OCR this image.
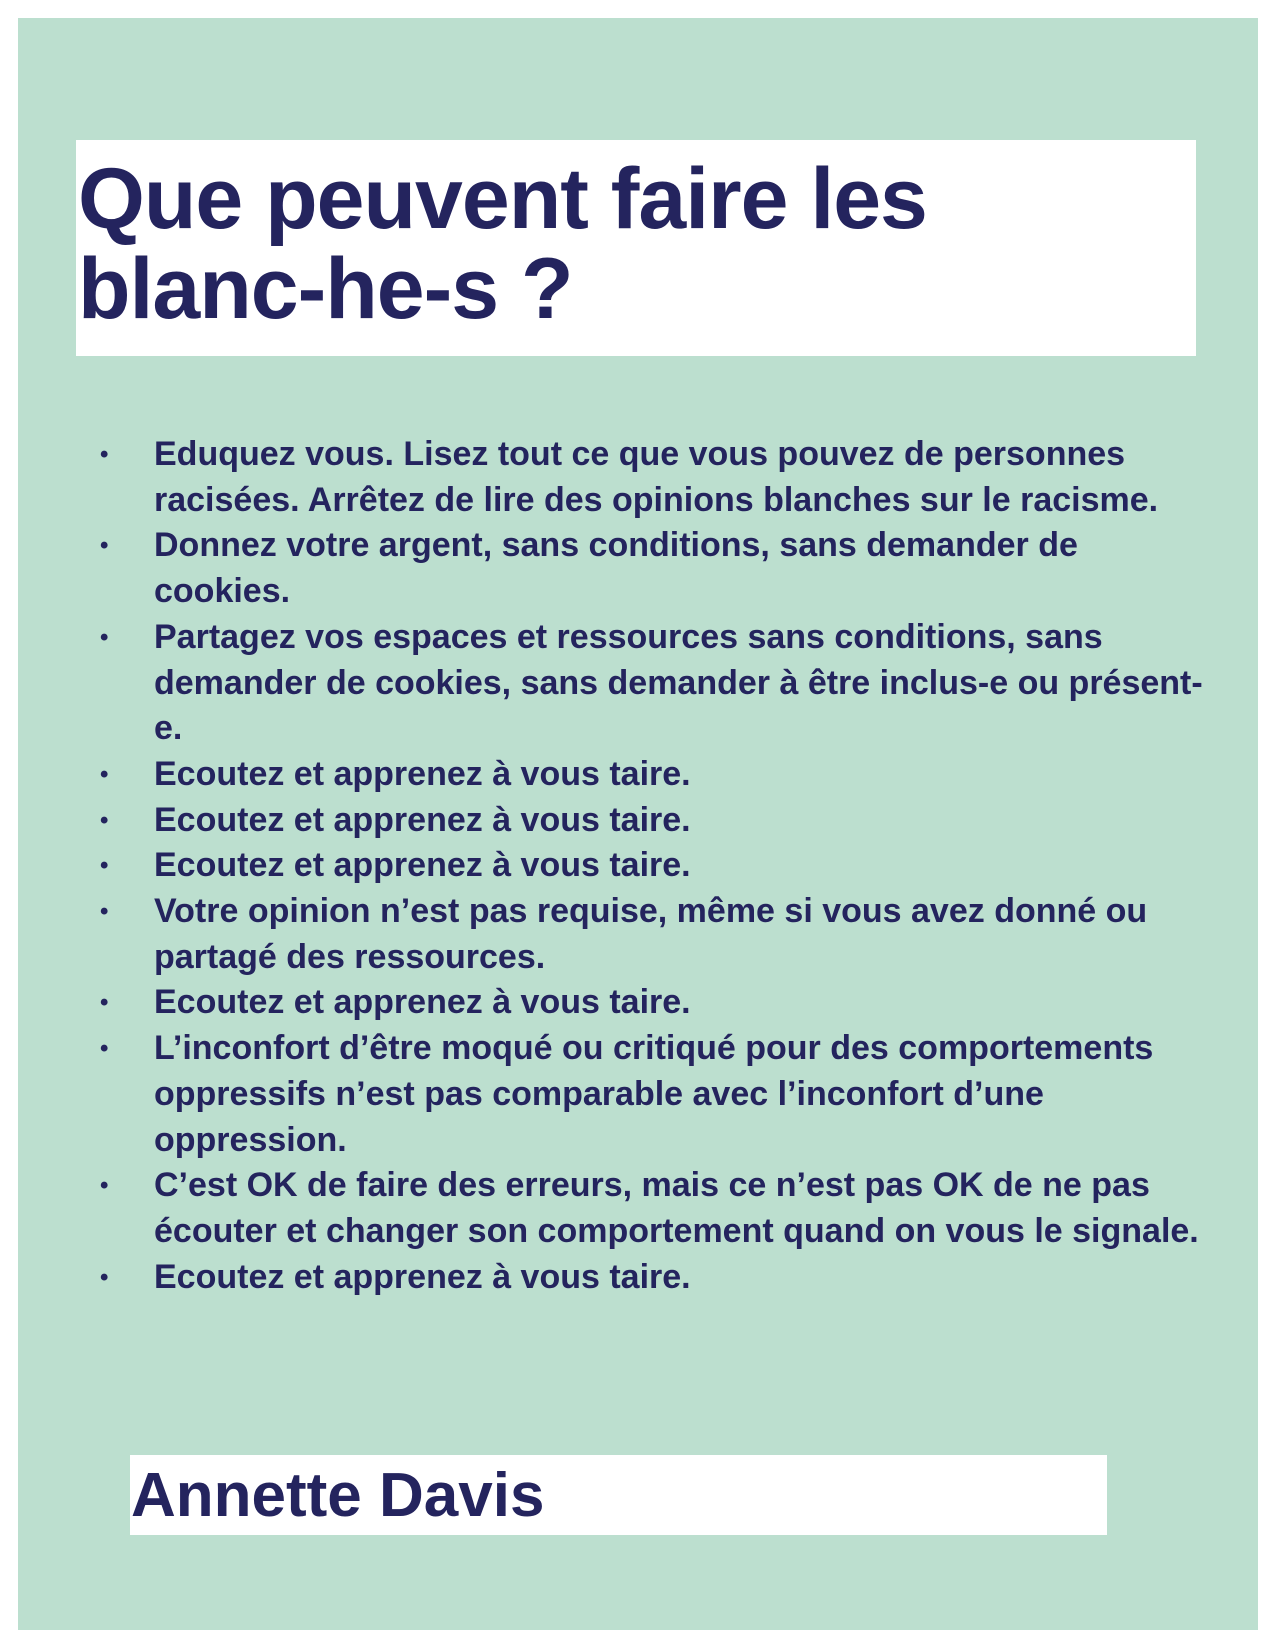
Que peuvent faire les blanc-he-s ?
•	Eduquez vous. Lisez tout ce que vous pouvez de personnes racisées. Arrêtez de lire des opinions blanches sur le racisme.
•	Donnez votre argent, sans conditions, sans demander de cookies.
•	Partagez vos espaces et ressources sans conditions, sans demander de cookies, sans demander à être inclus-e ou présent-e.
•	Ecoutez et apprenez à vous taire.
•	Ecoutez et apprenez à vous taire.
•	Ecoutez et apprenez à vous taire.
•	Votre opinion n’est pas requise, même si vous avez donné ou partagé des ressources.
•	Ecoutez et apprenez à vous taire.
•	L’inconfort d’être moqué ou critiqué pour des comportements oppressifs n’est pas comparable avec l’inconfort d’une oppression.
•	C’est OK de faire des erreurs, mais ce n’est pas OK de ne pas écouter et changer son comportement quand on vous le signale.
•	Ecoutez et apprenez à vous taire.

Annette Davis
